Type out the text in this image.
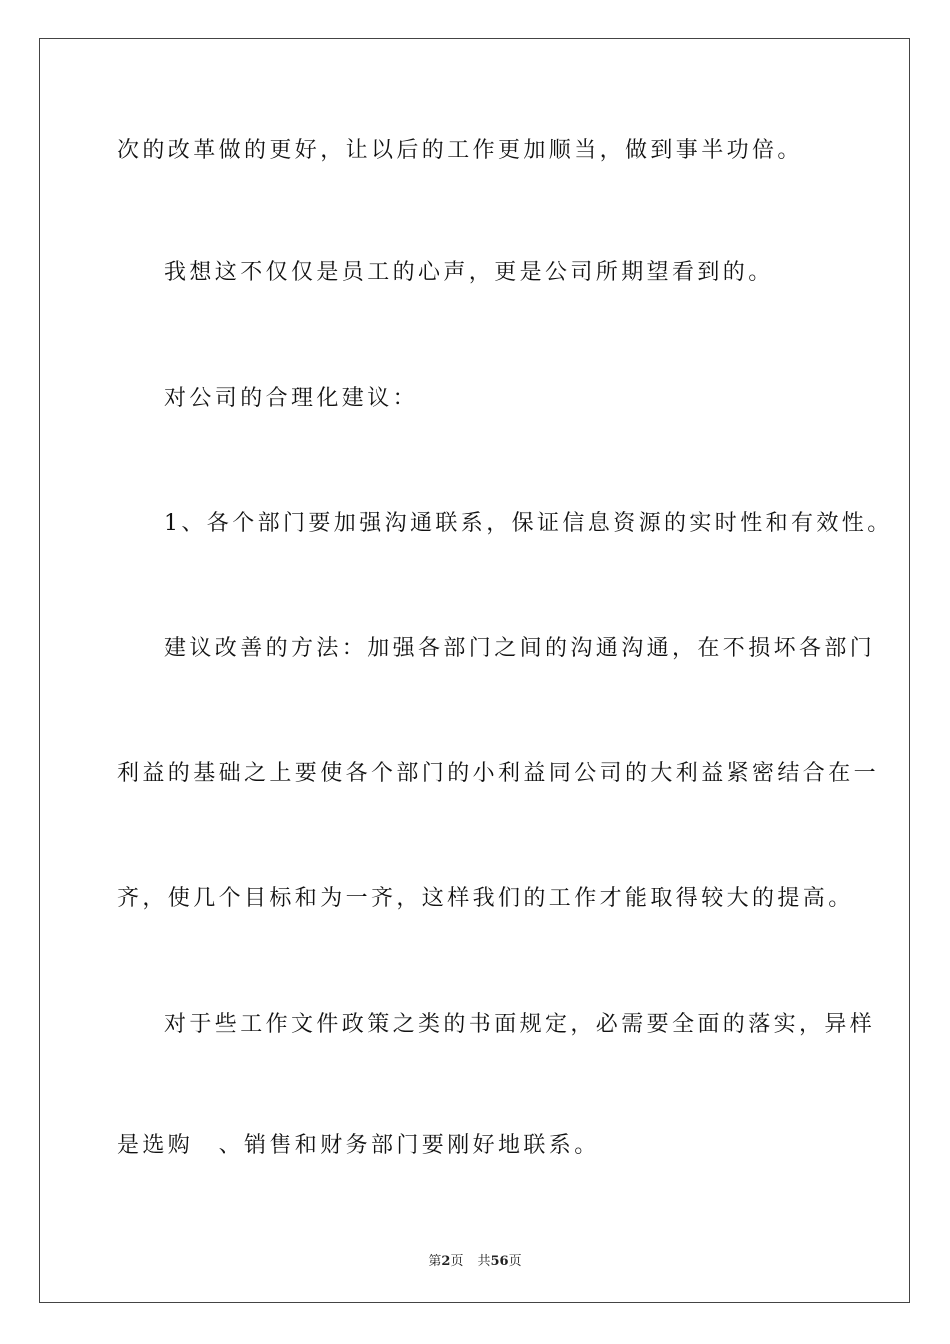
次的改革做的更好，让以后的工作更加顺当，做到事半功倍。
我想这不仅仅是员工的心声，更是公司所期望看到的。
对公司的合理化建议：
1、各个部门要加强沟通联系，保证信息资源的实时性和有效性。
建议改善的方法：加强各部门之间的沟通沟通，在不损坏各部门
利益的基础之上要使各个部门的小利益同公司的大利益紧密结合在一
齐，使几个目标和为一齐，这样我们的工作才能取得较大的提高。
对于些工作文件政策之类的书面规定，必需要全面的落实，异样
是选购　、销售和财务部门要刚好地联系。
第2页 共56页
